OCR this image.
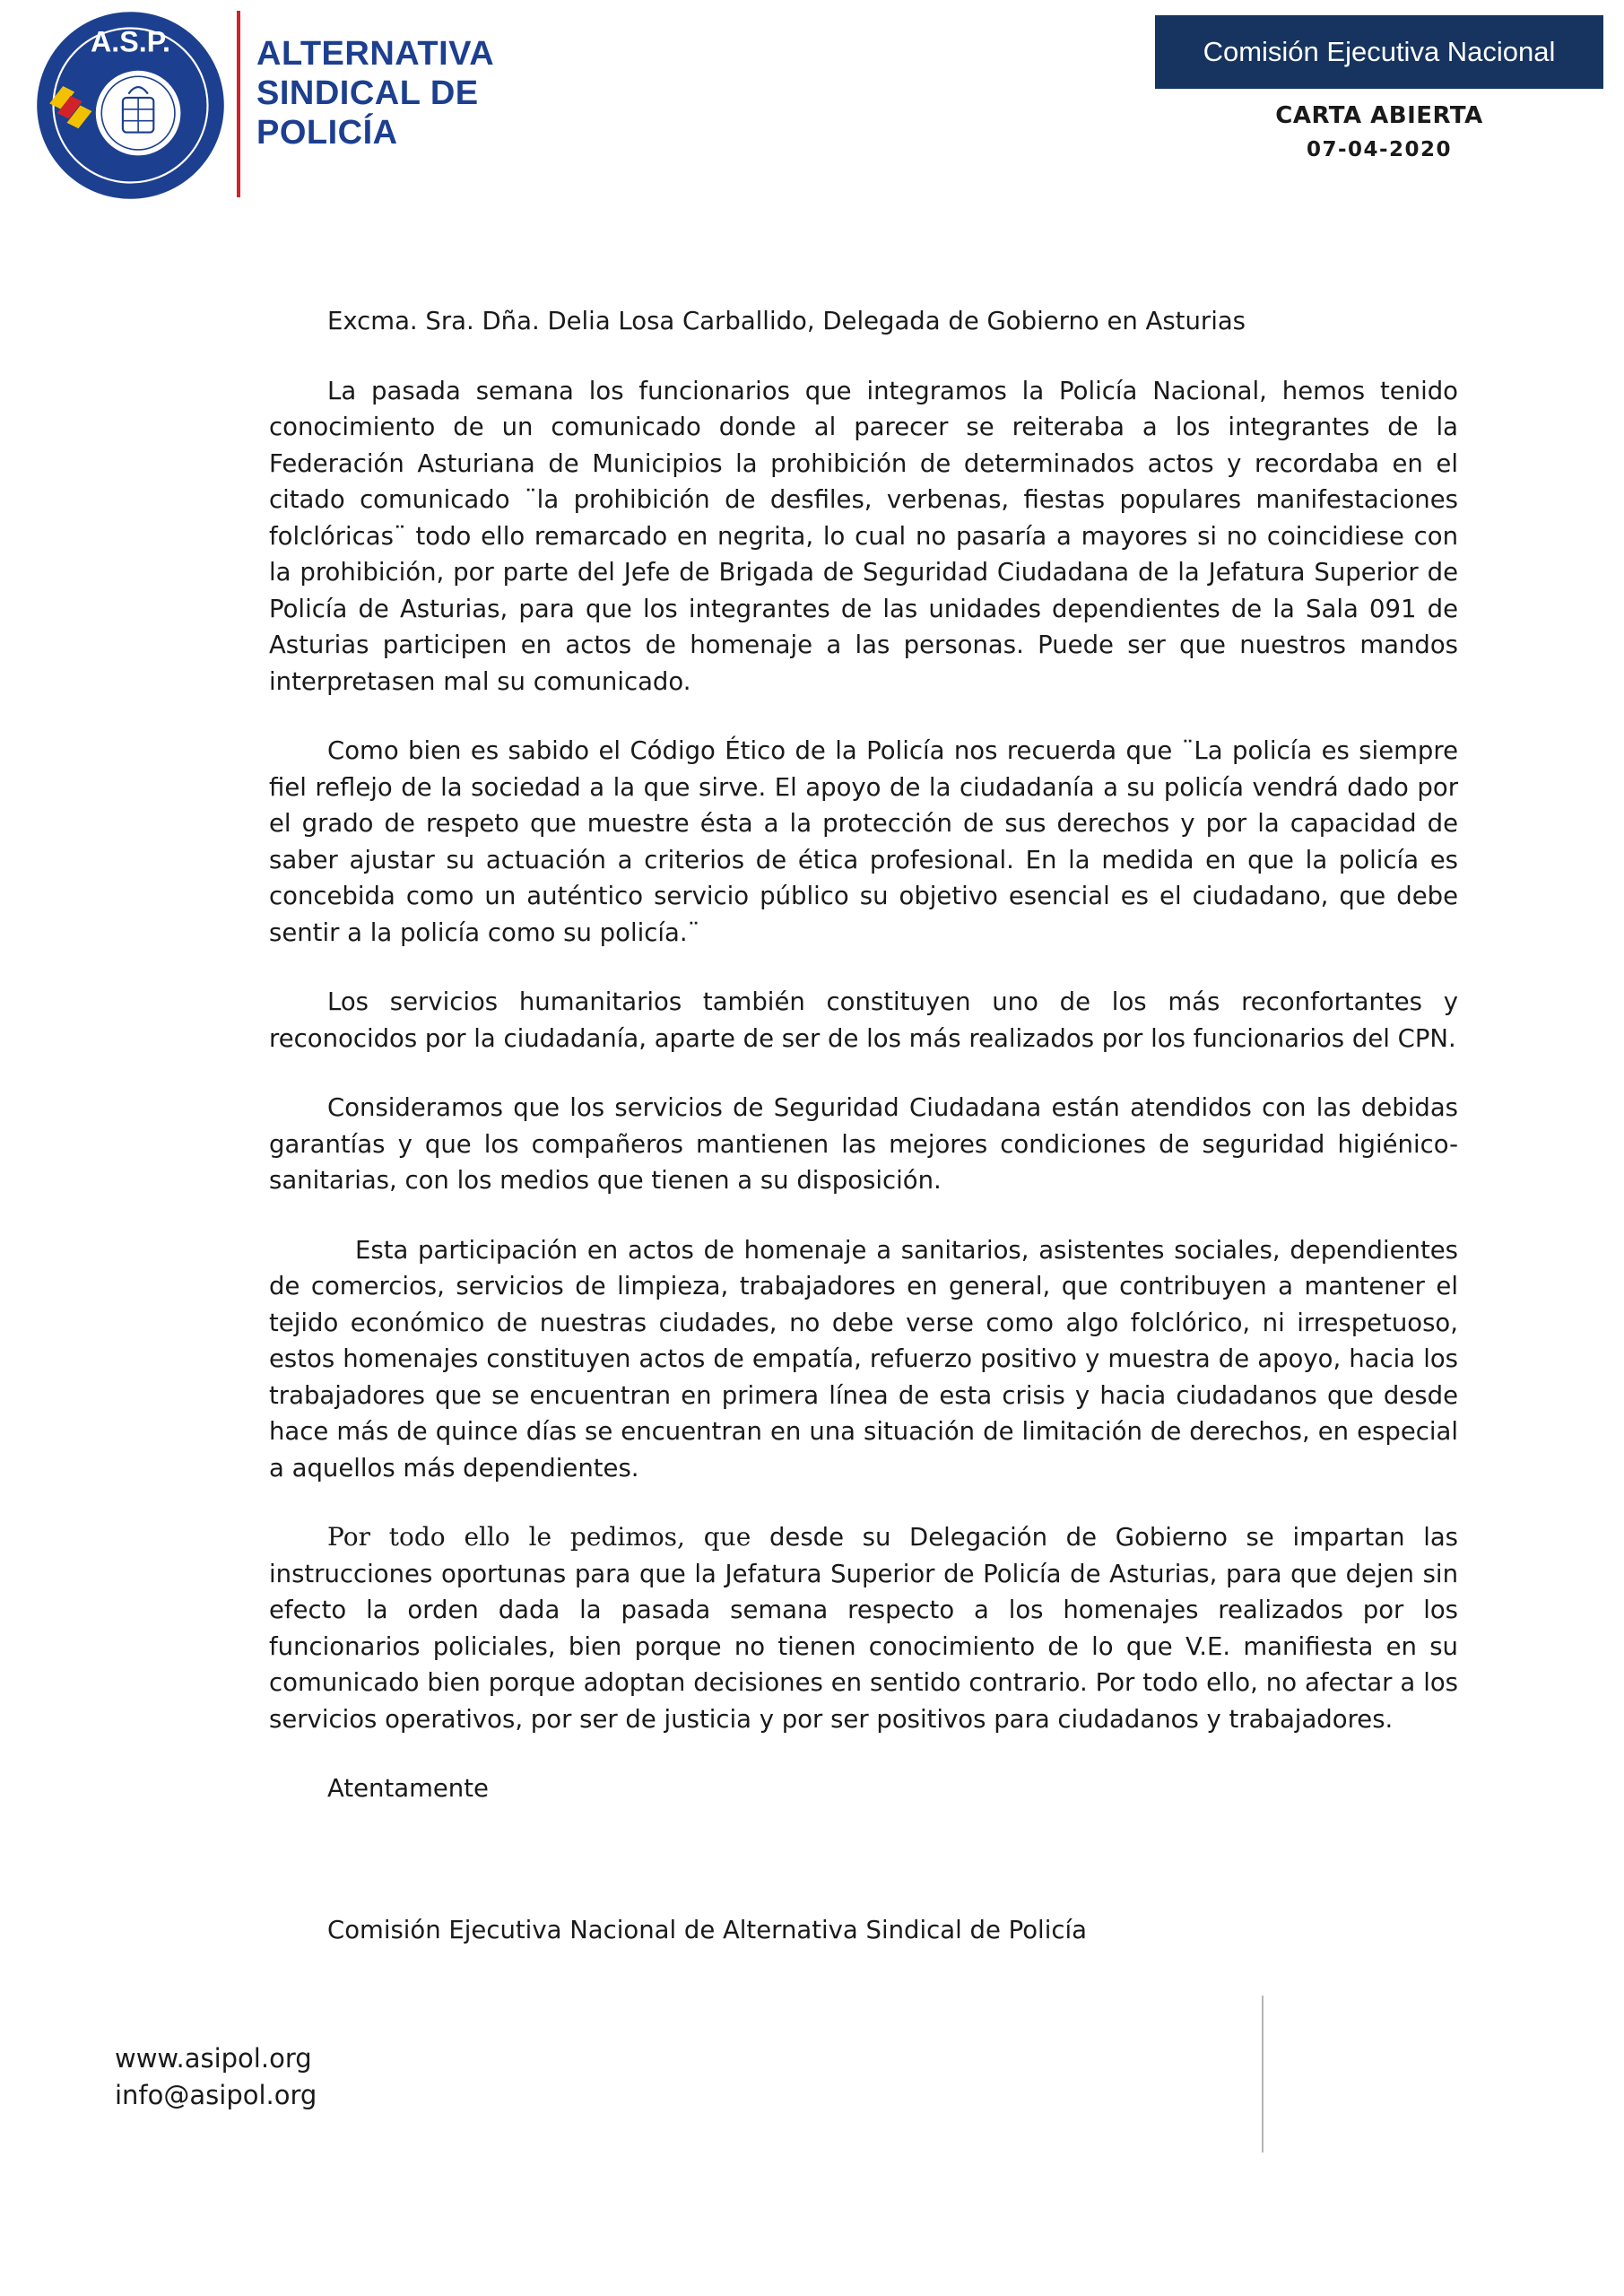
A.S.P.	ALTERNATIVA
SINDICAL DE
POLICÍA
Comisión Ejecutiva Nacional
CARTA ABIERTA
07-04-2020

Excma. Sra. Dña. Delia Losa Carballido, Delegada de Gobierno en Asturias

La pasada semana los funcionarios que integramos la Policía Nacional, hemos tenido conocimiento de un comunicado donde al parecer se reiteraba a los integrantes de la Federación Asturiana de Municipios la prohibición de determinados actos y recordaba en el citado comunicado ¨la prohibición de desfiles, verbenas, fiestas populares manifestaciones folclóricas¨ todo ello remarcado en negrita, lo cual no pasaría a mayores si no coincidiese con la prohibición, por parte del Jefe de Brigada de Seguridad Ciudadana de la Jefatura Superior de Policía de Asturias, para que los integrantes de las unidades dependientes de la Sala 091 de Asturias participen en actos de homenaje a las personas. Puede ser que nuestros mandos interpretasen mal su comunicado.

Como bien es sabido el Código Ético de la Policía nos recuerda que ¨La policía es siempre fiel reflejo de la sociedad a la que sirve. El apoyo de la ciudadanía a su policía vendrá dado por el grado de respeto que muestre ésta a la protección de sus derechos y por la capacidad de saber ajustar su actuación a criterios de ética profesional. En la medida en que la policía es concebida como un auténtico servicio público su objetivo esencial es el ciudadano, que debe sentir a la policía como su policía.¨

Los servicios humanitarios también constituyen uno de los más reconfortantes y reconocidos por la ciudadanía, aparte de ser de los más realizados por los funcionarios del CPN.

Consideramos que los servicios de Seguridad Ciudadana están atendidos con las debidas garantías y que los compañeros mantienen las mejores condiciones de seguridad higiénico-sanitarias, con los medios que tienen a su disposición.

Esta participación en actos de homenaje a sanitarios, asistentes sociales, dependientes de comercios, servicios de limpieza, trabajadores en general, que contribuyen a mantener el tejido económico de nuestras ciudades, no debe verse como algo folclórico, ni irrespetuoso, estos homenajes constituyen actos de empatía, refuerzo positivo y muestra de apoyo, hacia los trabajadores que se encuentran en primera línea de esta crisis y hacia ciudadanos que desde hace más de quince días se encuentran en una situación de limitación de derechos, en especial a aquellos más dependientes.

Por todo ello le pedimos, que desde su Delegación de Gobierno se impartan las instrucciones oportunas para que la Jefatura Superior de Policía de Asturias, para que dejen sin efecto la orden dada la pasada semana respecto a los homenajes realizados por los funcionarios policiales, bien porque no tienen conocimiento de lo que V.E. manifiesta en su comunicado bien porque adoptan decisiones en sentido contrario. Por todo ello, no afectar a los servicios operativos, por ser de justicia y por ser positivos para ciudadanos y trabajadores.

Atentamente

Comisión Ejecutiva Nacional de Alternativa Sindical de Policía

www.asipol.org
info@asipol.org
